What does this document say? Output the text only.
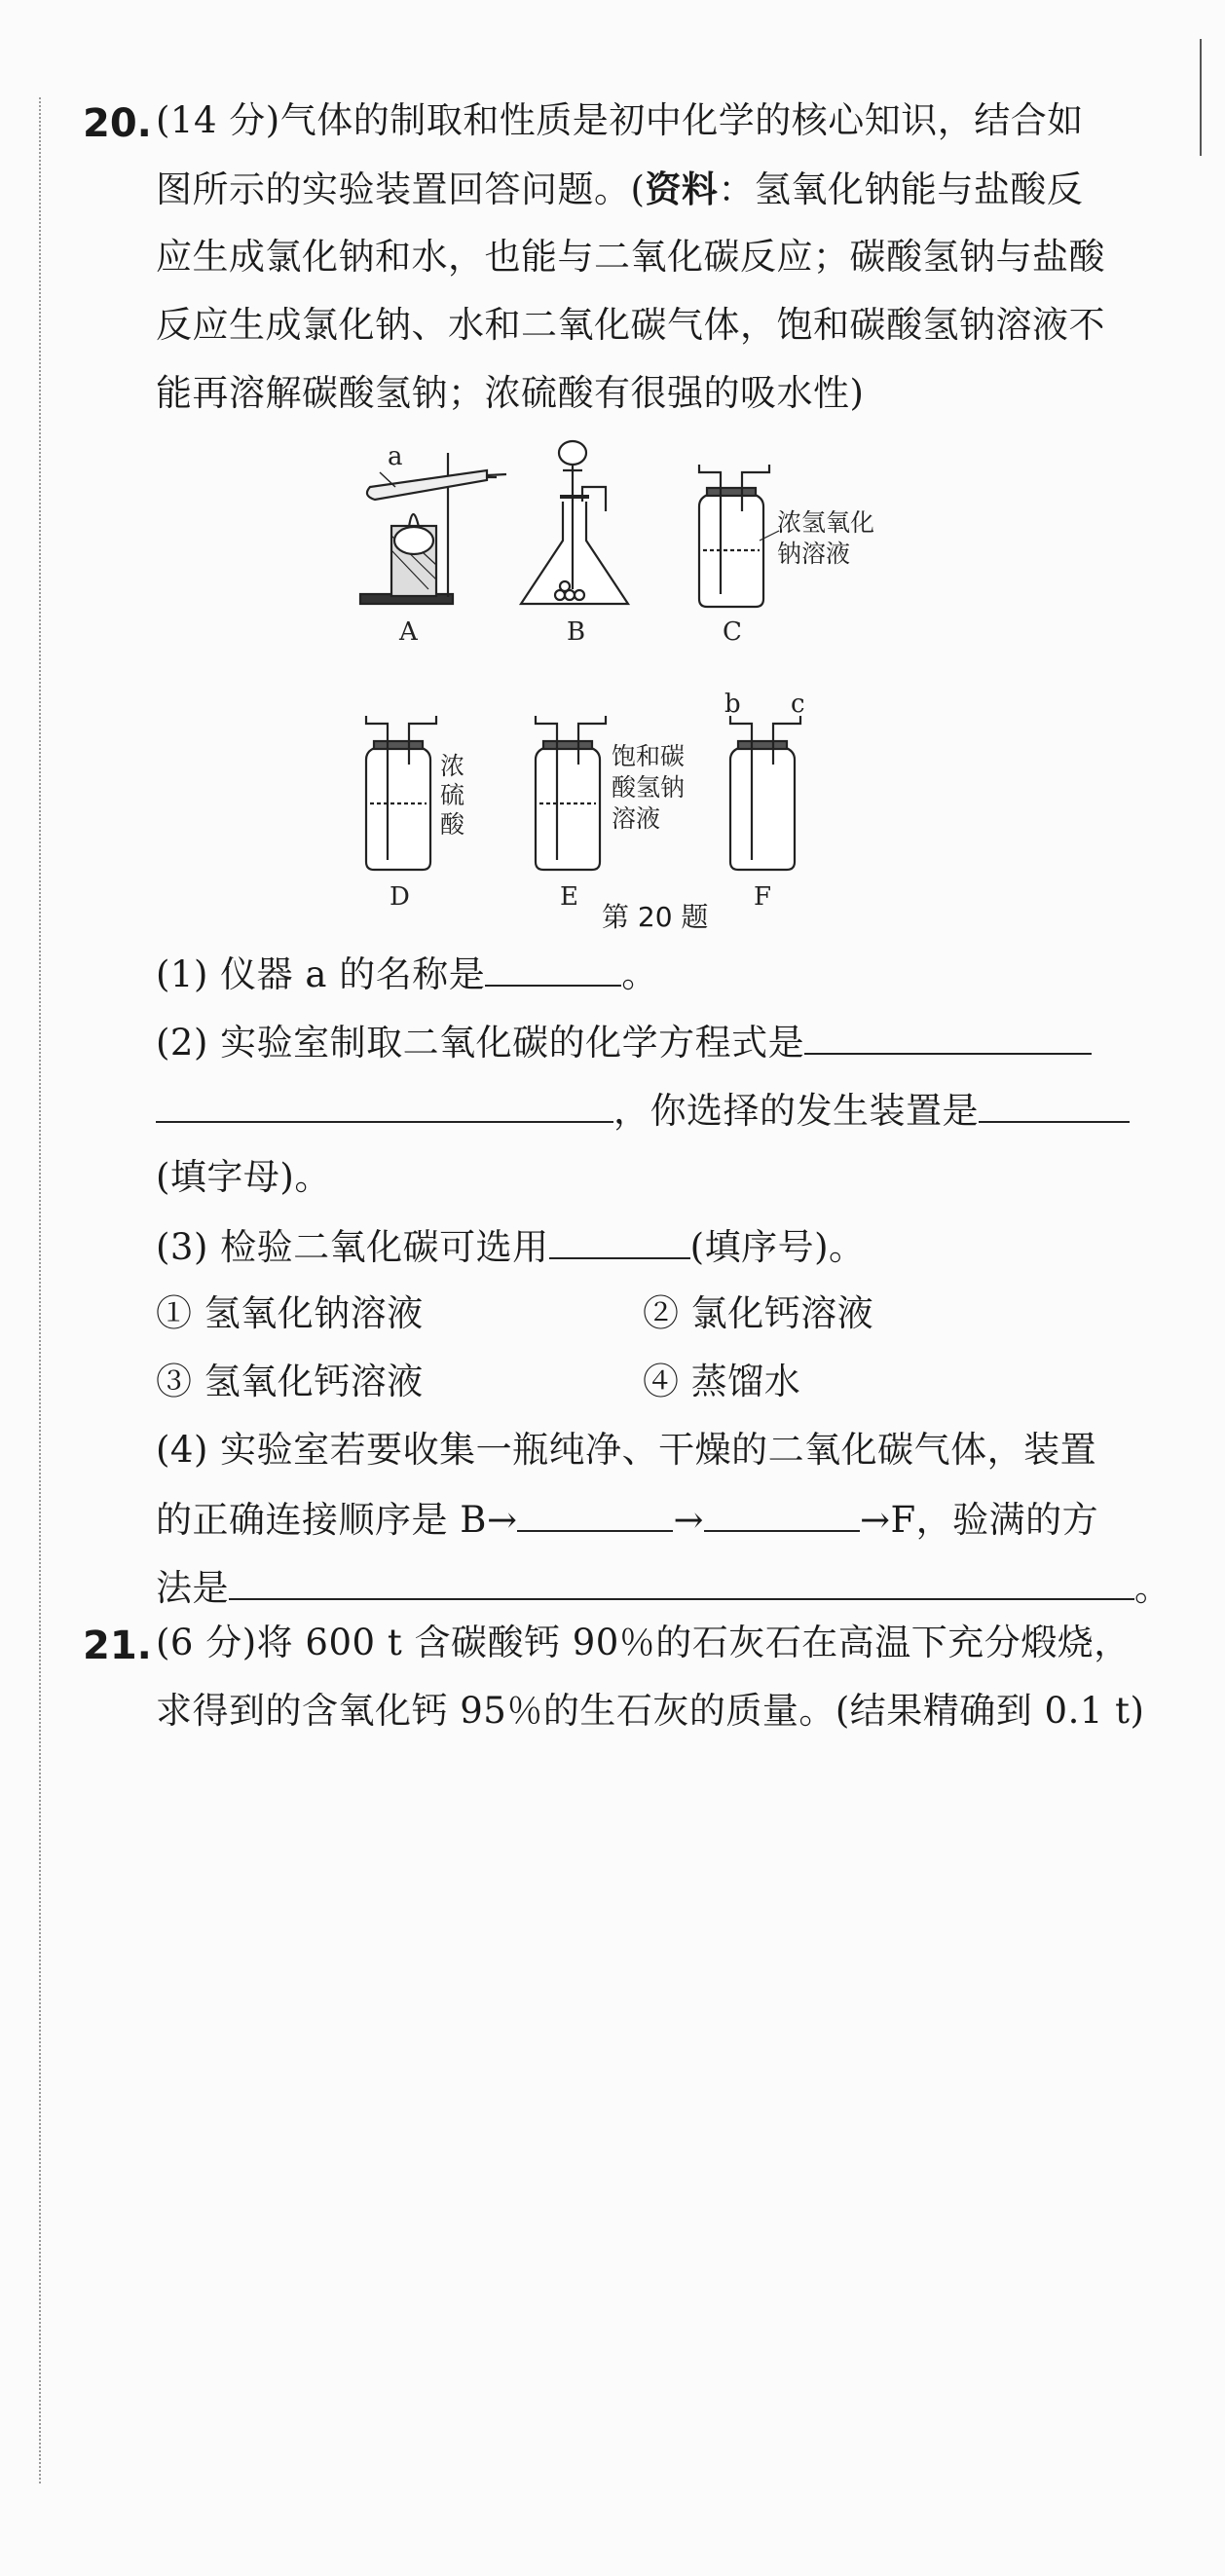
20. (14 分)气体的制取和性质是初中化学的核心知识，结合如
图所示的实验装置回答问题。(资料：氢氧化钠能与盐酸反
应生成氯化钠和水，也能与二氧化碳反应；碳酸氢钠与盐酸
反应生成氯化钠、水和二氧化碳气体，饱和碳酸氢钠溶液不
能再溶解碳酸氢钠；浓硫酸有很强的吸水性)
a
A	B	C
D	E	F
b c
浓氢氧化
钠溶液
浓
硫
酸
饱和碳
酸氢钠
溶液
第 20 题
(1) 仪器 a 的名称是	。
(2) 实验室制取二氧化碳的化学方程式是
，你选择的发生装置是
(填字母)。
(3) 检验二氧化碳可选用	(填序号)。
① 氢氧化钠溶液	② 氯化钙溶液
③ 氢氧化钙溶液	④ 蒸馏水
(4) 实验室若要收集一瓶纯净、干燥的二氧化碳气体，装置
的正确连接顺序是 B→	→	→F，验满的方
法是	。
21. (6 分)将 600 t 含碳酸钙 90％的石灰石在高温下充分煅烧，
求得到的含氧化钙 95％的生石灰的质量。(结果精确到 0.1 t)
